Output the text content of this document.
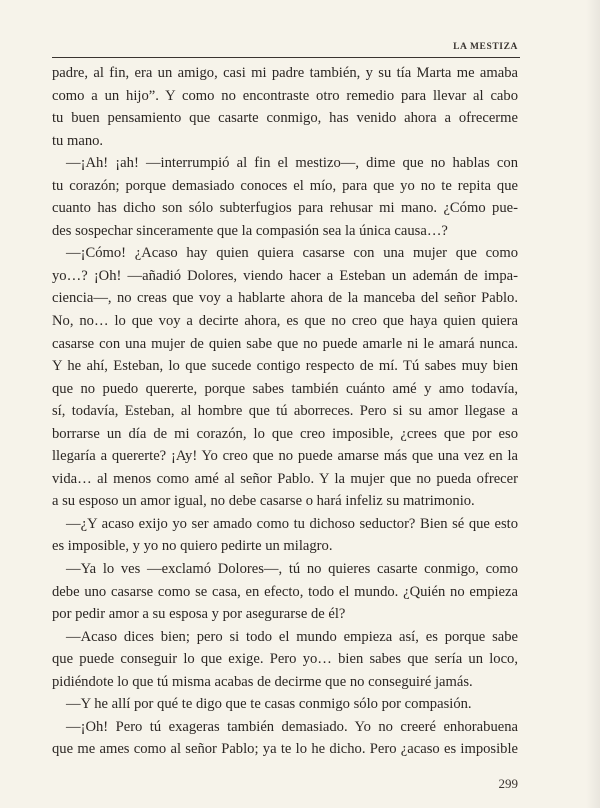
LA MESTIZA
padre, al fin, era un amigo, casi mi padre también, y su tía Marta me amaba
como a un hijo”. Y como no encontraste otro remedio para llevar al cabo
tu buen pensamiento que casarte conmigo, has venido ahora a ofrecerme
tu mano.
—¡Ah! ¡ah! —interrumpió al fin el mestizo—, dime que no hablas con
tu corazón; porque demasiado conoces el mío, para que yo no te repita que
cuanto has dicho son sólo subterfugios para rehusar mi mano. ¿Cómo pue-
des sospechar sinceramente que la compasión sea la única causa…?
—¡Cómo! ¿Acaso hay quien quiera casarse con una mujer que como
yo…? ¡Oh! —añadió Dolores, viendo hacer a Esteban un ademán de impa-
ciencia—, no creas que voy a hablarte ahora de la manceba del señor Pablo.
No, no… lo que voy a decirte ahora, es que no creo que haya quien quiera
casarse con una mujer de quien sabe que no puede amarle ni le amará nunca.
Y he ahí, Esteban, lo que sucede contigo respecto de mí. Tú sabes muy bien
que no puedo quererte, porque sabes también cuánto amé y amo todavía,
sí, todavía, Esteban, al hombre que tú aborreces. Pero si su amor llegase a
borrarse un día de mi corazón, lo que creo imposible, ¿crees que por eso
llegaría a quererte? ¡Ay! Yo creo que no puede amarse más que una vez en la
vida… al menos como amé al señor Pablo. Y la mujer que no pueda ofrecer
a su esposo un amor igual, no debe casarse o hará infeliz su matrimonio.
—¿Y acaso exijo yo ser amado como tu dichoso seductor? Bien sé que esto
es imposible, y yo no quiero pedirte un milagro.
—Ya lo ves —exclamó Dolores—, tú no quieres casarte conmigo, como
debe uno casarse como se casa, en efecto, todo el mundo. ¿Quién no empieza
por pedir amor a su esposa y por asegurarse de él?
—Acaso dices bien; pero si todo el mundo empieza así, es porque sabe
que puede conseguir lo que exige. Pero yo… bien sabes que sería un loco,
pidiéndote lo que tú misma acabas de decirme que no conseguiré jamás.
—Y he allí por qué te digo que te casas conmigo sólo por compasión.
—¡Oh! Pero tú exageras también demasiado. Yo no creeré enhorabuena
que me ames como al señor Pablo; ya te lo he dicho. Pero ¿acaso es imposible
299
